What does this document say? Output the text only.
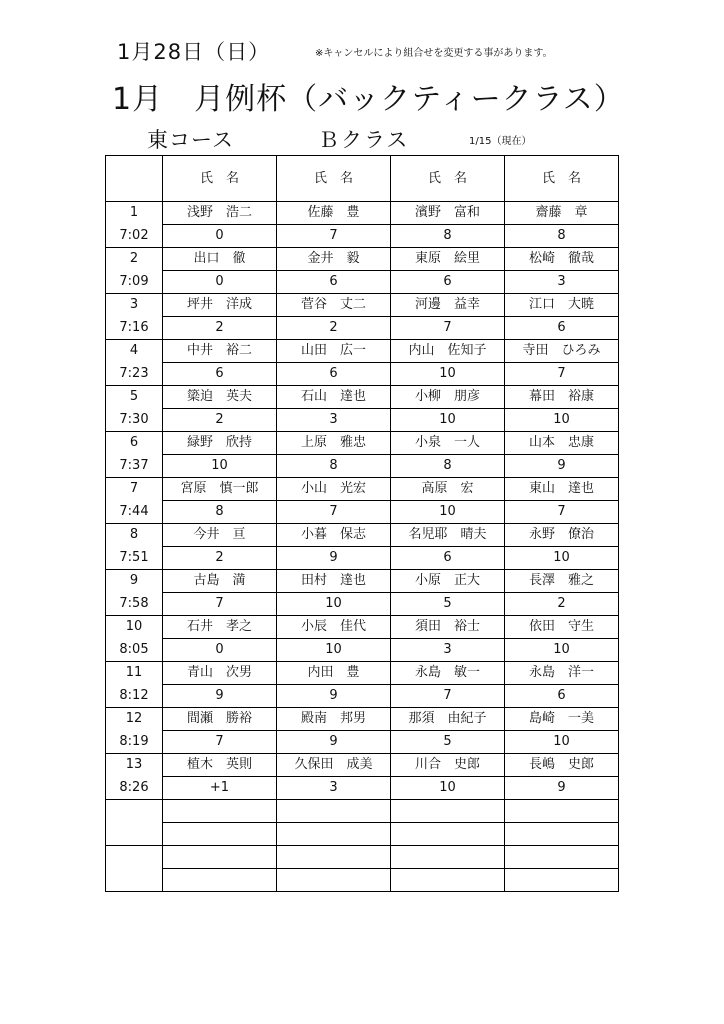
1月28日（日）	※キャンセルにより組合せを変更する事があります。
1月　月例杯（バックティークラス）
東コース	Ｂクラス	1/15（現在）
	氏　名	氏　名	氏　名	氏　名
1	浅野　浩二	佐藤　豊	濱野　富和	齋藤　章
7:02	0	7	8	8
2	出口　徹	金井　毅	東原　絵里	松崎　徹哉
7:09	0	6	6	3
3	坪井　洋成	菅谷　丈二	河邊　益幸	江口　大暁
7:16	2	2	7	6
4	中井　裕二	山田　広一	内山　佐知子	寺田　ひろみ
7:23	6	6	10	7
5	簗迫　英夫	石山　達也	小柳　朋彦	幕田　裕康
7:30	2	3	10	10
6	緑野　欣持	上原　雅忠	小泉　一人	山本　忠康
7:37	10	8	8	9
7	宮原　慎一郎	小山　光宏	高原　宏	東山　達也
7:44	8	7	10	7
8	今井　亘	小暮　保志	名児耶　晴夫	永野　僚治
7:51	2	9	6	10
9	古島　満	田村　達也	小原　正大	長澤　雅之
7:58	7	10	5	2
10	石井　孝之	小辰　佳代	須田　裕士	依田　守生
8:05	0	10	3	10
11	青山　次男	内田　豊	永島　敏一	永島　洋一
8:12	9	9	7	6
12	間瀬　勝裕	殿南　邦男	那須　由紀子	島崎　一美
8:19	7	9	5	10
13	植木　英則	久保田　成美	川合　史郎	長嶋　史郎
8:26	+1	3	10	9
